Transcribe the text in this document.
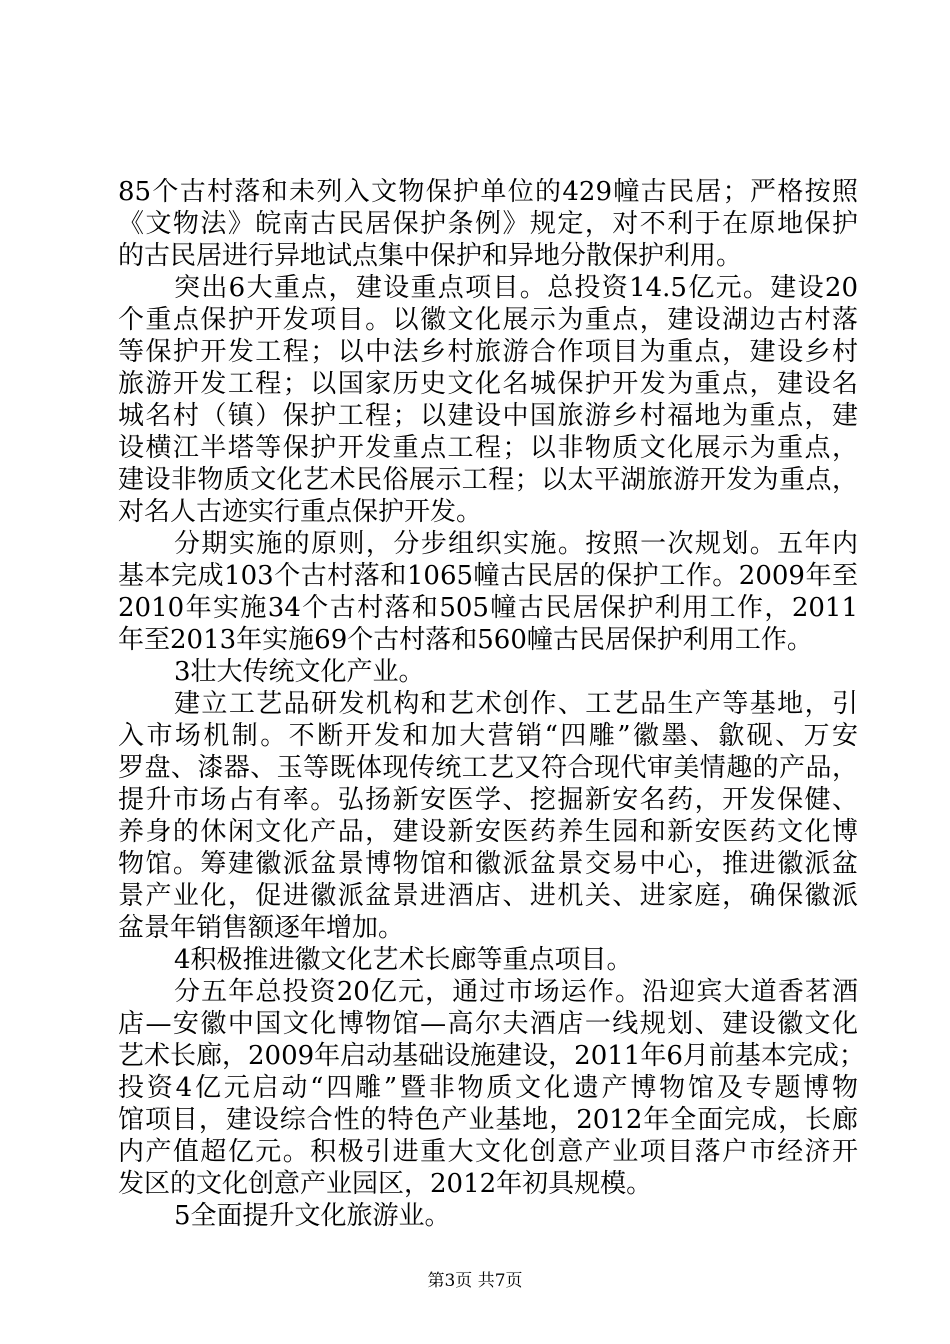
85个古村落和未列入文物保护单位的429幢古民居；严格按照
《文物法》皖南古民居保护条例》规定，对不利于在原地保护
的古民居进行异地试点集中保护和异地分散保护利用。
突出6大重点，建设重点项目。总投资14.5亿元。建设20
个重点保护开发项目。以徽文化展示为重点，建设湖边古村落
等保护开发工程；以中法乡村旅游合作项目为重点，建设乡村
旅游开发工程；以国家历史文化名城保护开发为重点，建设名
城名村（镇）保护工程；以建设中国旅游乡村福地为重点，建
设横江半塔等保护开发重点工程；以非物质文化展示为重点，
建设非物质文化艺术民俗展示工程；以太平湖旅游开发为重点，
对名人古迹实行重点保护开发。
分期实施的原则，分步组织实施。按照一次规划。五年内
基本完成103个古村落和1065幢古民居的保护工作。2009年至
2010年实施34个古村落和505幢古民居保护利用工作，2011
年至2013年实施69个古村落和560幢古民居保护利用工作。
3壮大传统文化产业。
建立工艺品研发机构和艺术创作、工艺品生产等基地，引
入市场机制。不断开发和加大营销“四雕”徽墨、歙砚、万安
罗盘、漆器、玉等既体现传统工艺又符合现代审美情趣的产品，
提升市场占有率。弘扬新安医学、挖掘新安名药，开发保健、
养身的休闲文化产品，建设新安医药养生园和新安医药文化博
物馆。筹建徽派盆景博物馆和徽派盆景交易中心，推进徽派盆
景产业化，促进徽派盆景进酒店、进机关、进家庭，确保徽派
盆景年销售额逐年增加。
4积极推进徽文化艺术长廊等重点项目。
分五年总投资20亿元，通过市场运作。沿迎宾大道香茗酒
店—安徽中国文化博物馆—高尔夫酒店一线规划、建设徽文化
艺术长廊，2009年启动基础设施建设，2011年6月前基本完成；
投资4亿元启动“四雕”暨非物质文化遗产博物馆及专题博物
馆项目，建设综合性的特色产业基地，2012年全面完成，长廊
内产值超亿元。积极引进重大文化创意产业项目落户市经济开
发区的文化创意产业园区，2012年初具规模。
5全面提升文化旅游业。
第3页 共7页
